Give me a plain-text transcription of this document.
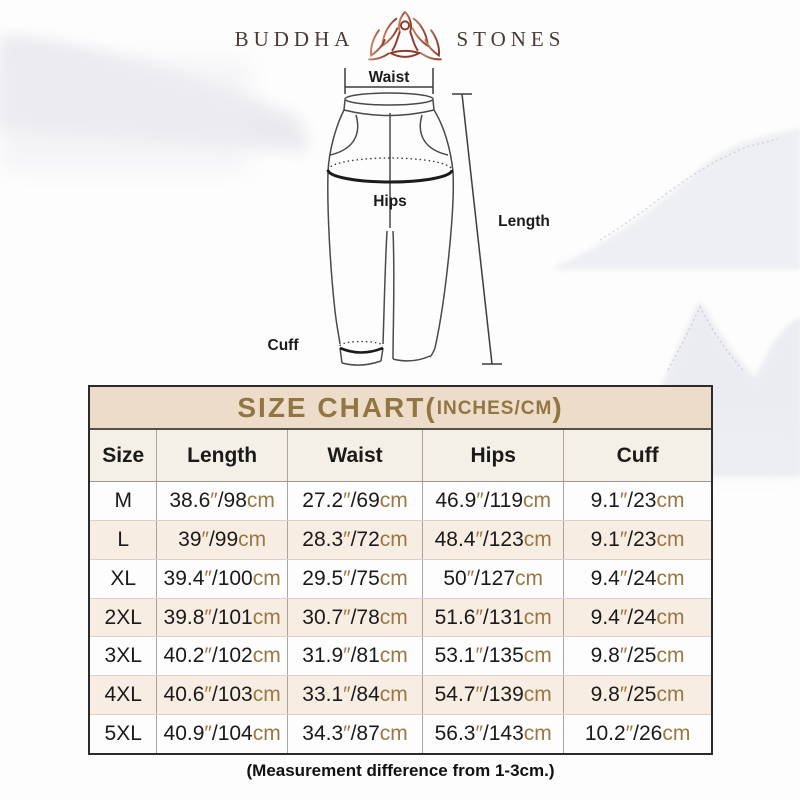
BUDDHA	STONES
Waist
Hips
Length
Cuff
SIZE CHART( INCHES/CM )
Size	Length	Waist	Hips	Cuff
M	38.6 ″ /98 cm 27.2 ″ /69 cm 46.9 ″ /119 cm 9.1 ″ /23 cm
L	39 ″ /99 cm 28.3 ″ /72 cm 48.4 ″ /123 cm 9.1 ″ /23 cm
XL	39.4 ″ /100 cm 29.5 ″ /75 cm 50 ″ /127 cm 9.4 ″ /24 cm
2XL	39.8 ″ /101 cm 30.7 ″ /78 cm 51.6 ″ /131 cm 9.4 ″ /24 cm
3XL	40.2 ″ /102 cm 31.9 ″ /81 cm 53.1 ″ /135 cm 9.8 ″ /25 cm
4XL	40.6 ″ /103 cm 33.1 ″ /84 cm 54.7 ″ /139 cm 9.8 ″ /25 cm
5XL	40.9 ″ /104 cm 34.3 ″ /87 cm 56.3 ″ /143 cm 10.2 ″ /26 cm
(Measurement difference from 1-3cm.)
